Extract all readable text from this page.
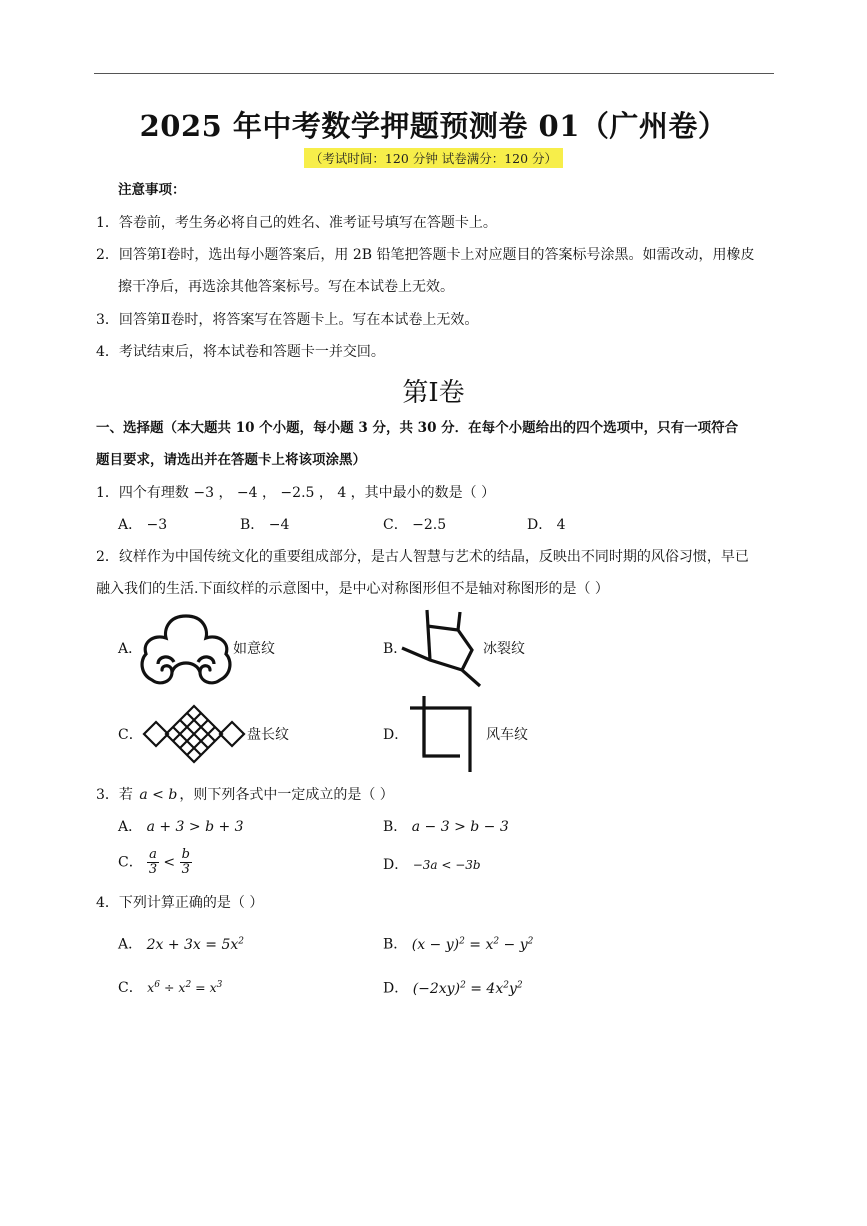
2025 年中考数学押题预测卷 01（广州卷）
（考试时间：120 分钟 试卷满分：120 分）
注意事项：
1．答卷前，考生务必将自己的姓名、准考证号填写在答题卡上。
2．回答第Ⅰ卷时，选出每小题答案后，用 2B 铅笔把答题卡上对应题目的答案标号涂黑。如需改动，用橡皮
擦干净后，再选涂其他答案标号。写在本试卷上无效。
3．回答第Ⅱ卷时，将答案写在答题卡上。写在本试卷上无效。
4．考试结束后，将本试卷和答题卡一并交回。
第Ⅰ卷
一、选择题（本大题共 10 个小题，每小题 3 分，共 30 分．在每个小题给出的四个选项中，只有一项符合
题目要求，请选出并在答题卡上将该项涂黑）
1．四个有理数 −3 ， −4 ， −2.5 ， 4 ，其中最小的数是（ ）
A． −3	B． −4	C． −2.5	D． 4
2．纹样作为中国传统文化的重要组成部分，是古人智慧与艺术的结晶，反映出不同时期的风俗习惯，早已
融入我们的生活.下面纹样的示意图中，是中心对称图形但不是轴对称图形的是（ ）
A．	如意纹	B．	冰裂纹
C．	盘长纹	D．	风车纹
3．若 a < b ，则下列各式中一定成立的是（ ）
A． a + 3 > b + 3	B． a − 3 > b − 3
C． $\frac{a}{3} < \frac{b}{3}$	D． −3a < −3b
4．下列计算正确的是（ ）
A． $2x + 3x = 5x^2$	B． $(x - y)^2 = x^2 - y^2$
C． $x^6 \div x^2 = x^3$	D． $(-2xy)^2 = 4x^2y^2$
